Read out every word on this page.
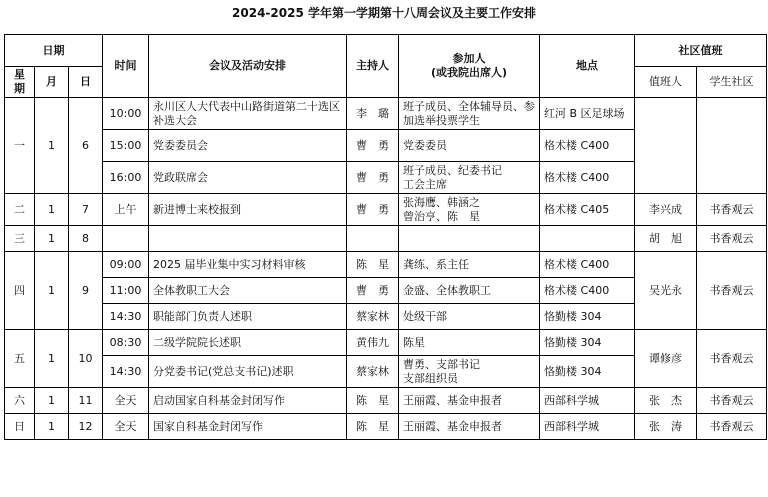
2024-2025 学年第一学期第十八周会议及主要工作安排
日期			时间	会议及活动安排	主持人	参加人
(或我院出席人)	地点	社区值班	
星
期	月	日						值班人	学生社区
一	1	6	10:00	永川区人大代表中山路街道第二十选区补选大会	李　璐	班子成员、全体辅导员、参加选举投票学生	红河 B 区足球场		
			15:00	党委委员会	曹　勇	党委委员	格术楼 C400		
			16:00	党政联席会	曹　勇	班子成员、纪委书记
工会主席	格术楼 C400		
二	1	7	上午	新进博士来校报到	曹　勇	张海鹰、韩涵之
曾治亨、陈　星	格术楼 C405	李兴成	书香观云
三	1	8						胡　旭	书香观云
四	1	9	09:00	2025 届毕业集中实习材料审核	陈　星	龚练、系主任	格术楼 C400	吴光永	书香观云
			11:00	全体教职工大会	曹　勇	金盛、全体教职工	格术楼 C400		
			14:30	职能部门负责人述职	蔡家林	处级干部	恪勤楼 304		
五	1	10	08:30	二级学院院长述职	黄伟九	陈星	恪勤楼 304	谭修彦	书香观云
			14:30	分党委书记(党总支书记)述职	蔡家林	曹勇、支部书记
支部组织员	恪勤楼 304		
六	1	11	全天	启动国家自科基金封闭写作	陈　星	王丽霞、基金申报者	西部科学城	张　杰	书香观云
日	1	12	全天	国家自科基金封闭写作	陈　星	王丽霞、基金申报者	西部科学城	张　涛	书香观云
